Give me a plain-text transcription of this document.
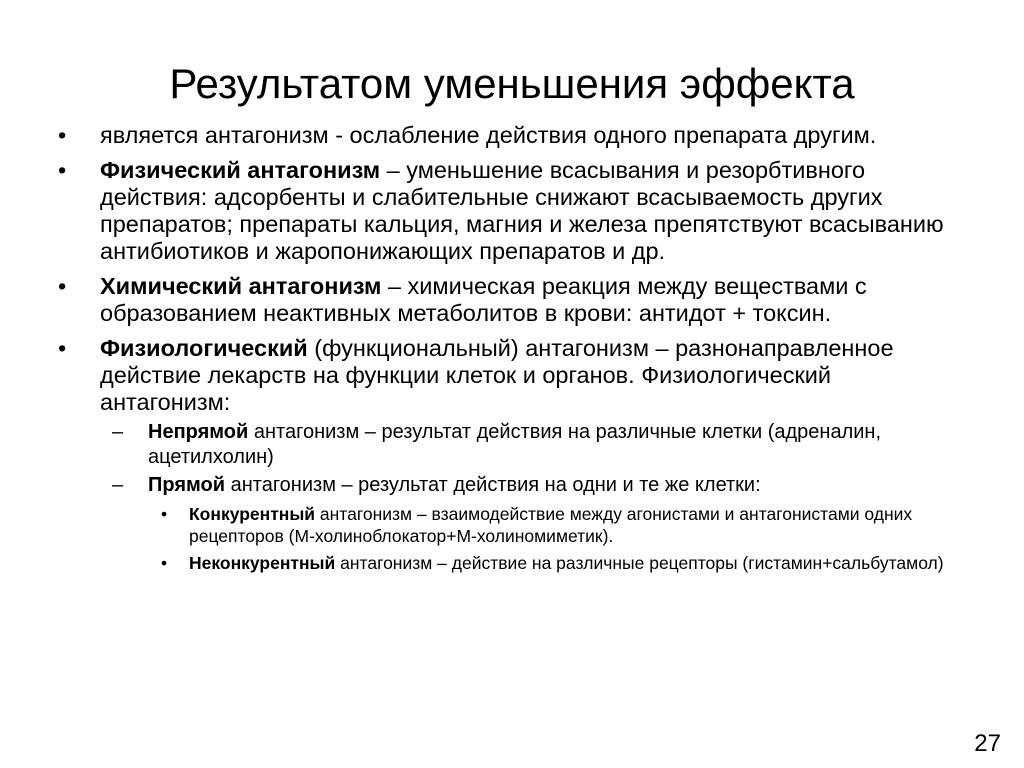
Результатом уменьшения эффекта
• является антагонизм - ослабление действия одного препарата другим.
• Физический антагонизм – уменьшение всасывания и резорбтивного действия: адсорбенты и слабительные снижают всасываемость других препаратов; препараты кальция, магния и железа препятствуют всасыванию антибиотиков и жаропонижающих препаратов и др.
• Химический антагонизм – химическая реакция между веществами с образованием неактивных метаболитов в крови: антидот + токсин.
• Физиологический (функциональный) антагонизм – разнонаправленное действие лекарств на функции клеток и органов. Физиологический антагонизм:
– Непрямой антагонизм – результат действия на различные клетки (адреналин, ацетилхолин)
– Прямой антагонизм – результат действия на одни и те же клетки:
• Конкурентный антагонизм – взаимодействие между агонистами и антагонистами одних рецепторов (М-холиноблокатор+М-холиномиметик).
• Неконкурентный антагонизм – действие на различные рецепторы (гистамин+сальбутамол)
27
